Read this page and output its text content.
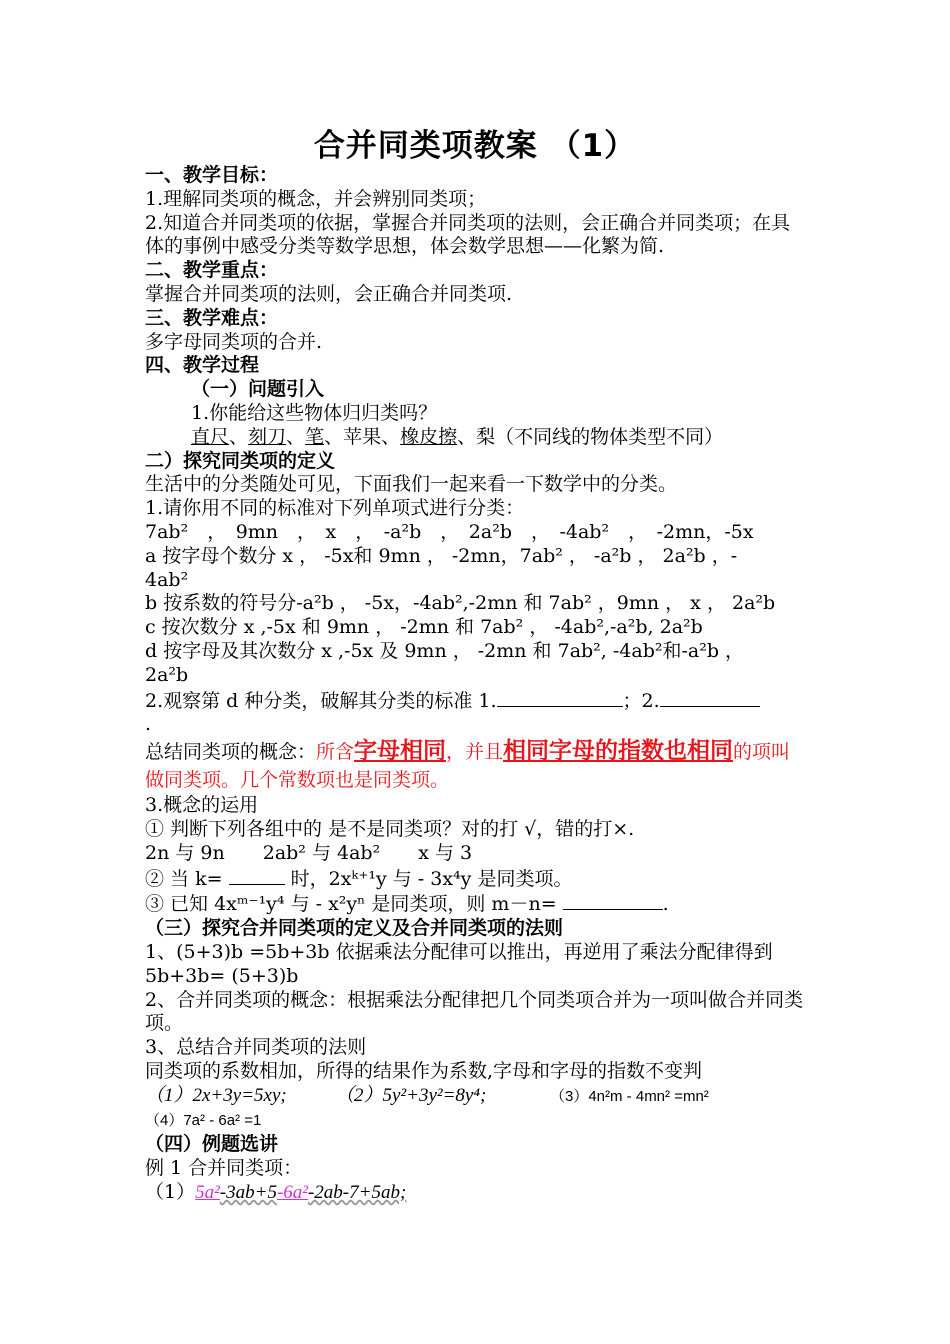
合并同类项教案 （1）

一、教学目标：

1.理解同类项的概念，并会辨别同类项；

2.知道合并同类项的依据，掌握合并同类项的法则，会正确合并同类项；在具体的事例中感受分类等数学思想，体会数学思想——化繁为简.

二、教学重点：

掌握合并同类项的法则，会正确合并同类项.

三、教学难点：

多字母同类项的合并.

四、教学过程

（一）问题引入

1.你能给这些物体归归类吗？

直尺、刻刀、笔、苹果、橡皮擦、梨（不同线的物体类型不同）

二）探究同类项的定义

生活中的分类随处可见，下面我们一起来看一下数学中的分类。

1.请你用不同的标准对下列单项式进行分类：

7ab²　，　9mn　，　x　，　-a²b　，　2a²b　，　-4ab²　，　-2mn，-5x

a 按字母个数分 x ， -5x和 9mn ， -2mn，7ab² ， -a²b ， 2a²b ，-

4ab²

b 按系数的符号分-a²b ， -5x，-4ab²,-2mn 和 7ab² ，9mn ， x ， 2a²b

c 按次数分 x ,-5x 和 9mn ， -2mn 和 7ab² ， -4ab²,-a²b, 2a²b

d 按字母及其次数分 x ,-5x 及 9mn ， -2mn 和 7ab², -4ab²和-a²b ，

2a²b

2.观察第 d 种分类，破解其分类的标准 1.	；2.

.

总结同类项的概念：所含字母相同，并且相同字母的指数也相同的项叫做同类项。几个常数项也是同类项。

3.概念的运用

① 判断下列各组中的 是不是同类项？对的打 √，错的打×.

2n 与 9n　　2ab² 与 4ab²　　x 与 3

② 当 k=	时，2xᵏ⁺¹y 与 - 3x⁴y 是同类项。

③ 已知 4xᵐ⁻¹y⁴ 与 - x²yⁿ 是同类项，则 m－n=	.

（三）探究合并同类项的定义及合并同类项的法则

1、(5+3)b =5b+3b 依据乘法分配律可以推出，再逆用了乘法分配律得到 5b+3b= (5+3)b

2、合并同类项的概念：根据乘法分配律把几个同类项合并为一项叫做合并同类项。

3、总结合并同类项的法则

同类项的系数相加，所得的结果作为系数,字母和字母的指数不变判

（1）2x+3y=5xy;	（2）5y²+3y²=8y⁴;	（3）4n²m - 4mn² =mn²

（4）7a² - 6a² =1

（四）例题选讲

例 1 合并同类项：

（1）5a²-3ab+5-6a²-2ab-7+5ab;
